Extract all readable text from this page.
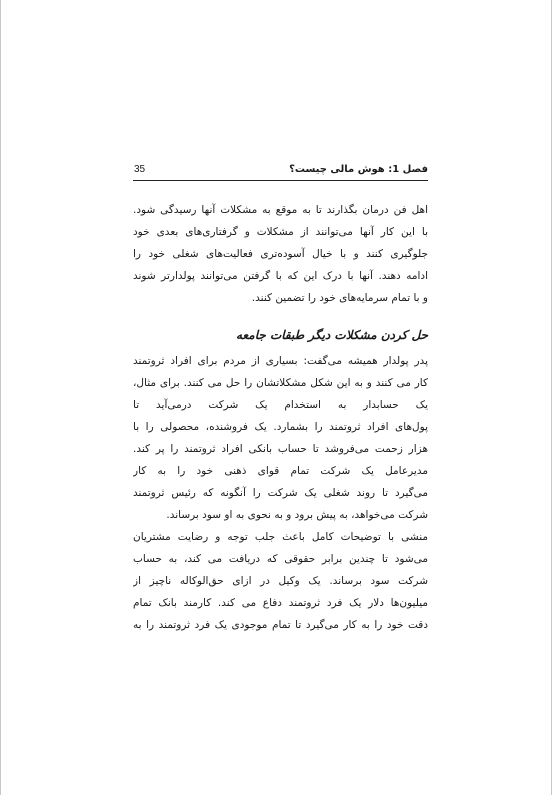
35	فصل 1: هوش مالی چیست؟
اهل فن درمان بگذارند تا به موقع به مشکلات آنها رسیدگی شود.
با این کار آنها می‌توانند از مشکلات و گرفتاری‌های بعدی خود
جلوگیری کنند و با خیال آسوده‌تری فعالیت‌های شغلی خود را
ادامه دهند. آنها با درک این که با گرفتن می‌توانند پولدارتر شوند
و با تمام سرمایه‌های خود را تضمین کنند.
حل کردن مشکلات دیگر طبقات جامعه
پدر پولدار همیشه می‌گفت: بسیاری از مردم برای افراد ثروتمند
کار می کنند و به این شکل مشکلاتشان را حل می کنند. برای مثال،
یک حسابدار به استخدام یک شرکت درمی‌آید تا
پول‌های افراد ثروتمند را بشمارد. یک فروشنده، محصولی را با
هزار زحمت می‌فروشد تا حساب بانکی افراد ثروتمند را پر کند.
مدیرعامل یک شرکت تمام قوای ذهنی خود را به کار
می‌گیرد تا روند شغلی یک شرکت را آنگونه که رئیس ثروتمند
شرکت می‌خواهد، به پیش برود و به نحوی به او سود برساند.
منشی با توضیحات کامل باعث جلب توجه و رضایت مشتریان
می‌شود تا چندین برابر حقوقی که دریافت می کند، به حساب
شرکت سود برساند. یک وکیل در ازای حق‌الوکاله ناچیز از
میلیون‌ها دلار یک فرد ثروتمند دفاع می کند. کارمند بانک تمام
دقت خود را به کار می‌گیرد تا تمام موجودی یک فرد ثروتمند را به
